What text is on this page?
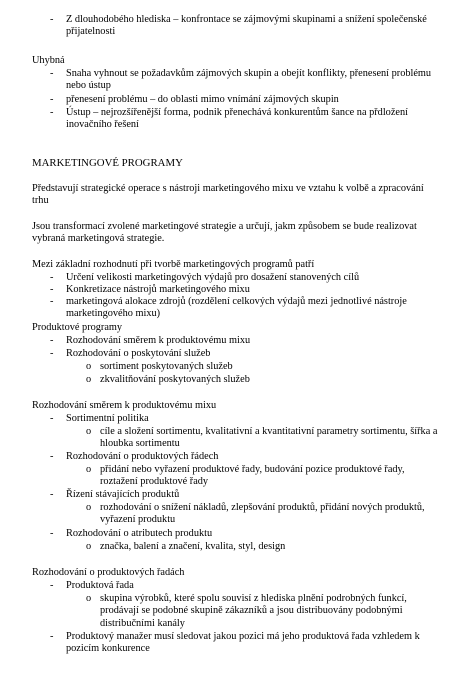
- Z dlouhodobého hlediska – konfrontace se zájmovými skupinami a snížení společenské přijatelnosti

Uhybná

- Snaha vyhnout se požadavkům zájmových skupin a obejít konflikty, přenesení problému nebo ústup
- přenesení problému – do oblasti mimo vnímání zájmových skupin
- Ústup – nejrozšířenější forma, podnik přenechává konkurentům šance na přdložení inovačního řešení

MARKETINGOVÉ PROGRAMY

Představují strategické operace s nástroji marketingového mixu ve vztahu k volbě a zpracování trhu

Jsou transformací zvolené marketingové strategie a určují, jakm způsobem se bude realizovat vybraná marketingová strategie.

Mezi základní rozhodnutí při tvorbě marketingových programů patří

- Určení velikosti marketingových výdajů pro dosažení stanovených cílů
- Konkretizace nástrojů marketingového mixu
- marketingová alokace zdrojů (rozdělení celkových výdajů mezi jednotlivé nástroje marketingového mixu)

Produktové programy

- Rozhodování směrem k produktovému mixu
- Rozhodování o poskytování služeb
o sortiment poskytovaných služeb
o zkvalitňování poskytovaných služeb

Rozhodování směrem k produktovému mixu

- Sortimentní politika
o cíle a složení sortimentu, kvalitativní a kvantitativní parametry sortimentu, šířka a hloubka sortimentu
- Rozhodování o produktových řádech
o přidání nebo vyřazení produktové řady, budování pozice produktové řady, roztažení produktové řady
- Řízení stávajících produktů
o rozhodování o snížení nákladů, zlepšování produktů, přidání nových produktů, vyřazení produktu
- Rozhodování o atributech produktu
o značka, balení a značení, kvalita, styl, design

Rozhodování o produktových řadách

- Produktová řada
o skupina výrobků, které spolu souvisí z hlediska plnění podrobných funkcí, prodávají se podobné skupině zákazníků a jsou distribuovány podobnými distribučními kanály
- Produktový manažer musí sledovat jakou pozici má jeho produktová řada vzhledem k pozicím konkurence
